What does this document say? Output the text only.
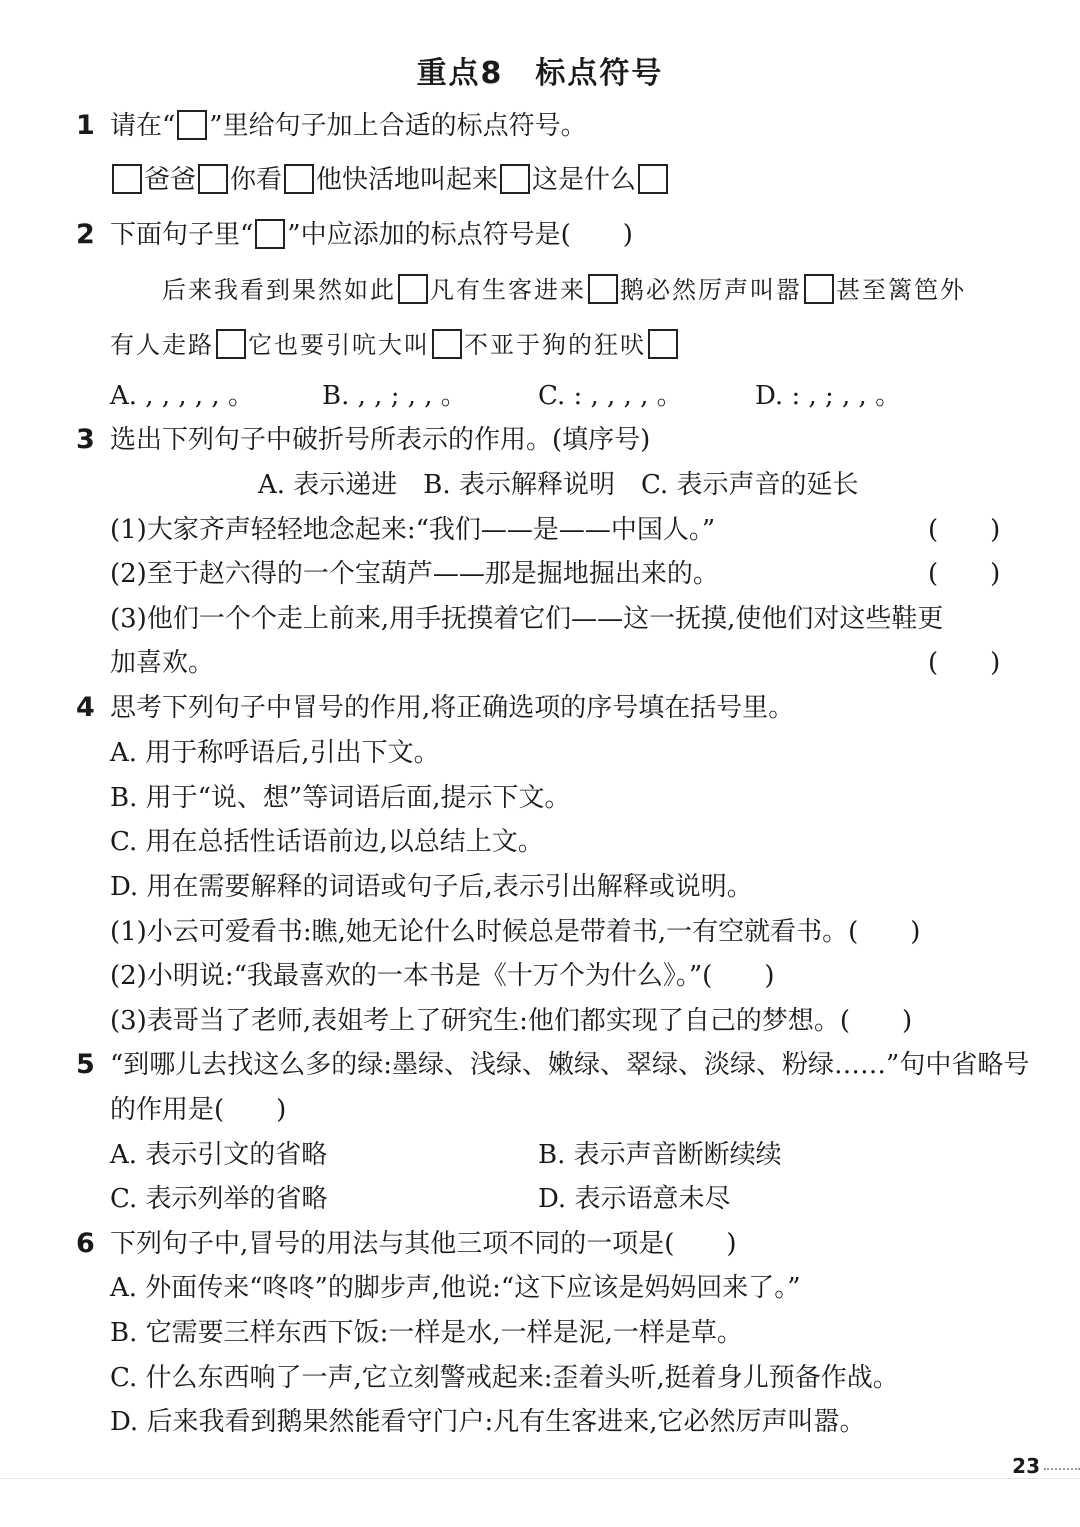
重点8　标点符号
1 请在“ ”里给句子加上合适的标点符号。
爸爸 你看 他快活地叫起来 这是什么
2 下面句子里“ ”中应添加的标点符号是(　　)
后来我看到果然如此 凡有生客进来 鹅必然厉声叫嚣 甚至篱笆外
有人走路 它也要引吭大叫 不亚于狗的狂吠
A. , , , , , 。	B. , , ; , , 。	C. : , , , , 。	D. : , ; , , 。
3 选出下列句子中破折号所表示的作用。(填序号)
A. 表示递进　B. 表示解释说明　C. 表示声音的延长
(1)大家齐声轻轻地念起来:“我们——是——中国人。”	(　　)
(2)至于赵六得的一个宝葫芦——那是掘地掘出来的。	(　　)
(3)他们一个个走上前来,用手抚摸着它们——这一抚摸,使他们对这些鞋更
加喜欢。	(　　)
4 思考下列句子中冒号的作用,将正确选项的序号填在括号里。
A. 用于称呼语后,引出下文。
B. 用于“说、想”等词语后面,提示下文。
C. 用在总括性话语前边,以总结上文。
D. 用在需要解释的词语或句子后,表示引出解释或说明。
(1)小云可爱看书:瞧,她无论什么时候总是带着书,一有空就看书。(　　)
(2)小明说:“我最喜欢的一本书是《十万个为什么》。”(　　)
(3)表哥当了老师,表姐考上了研究生:他们都实现了自己的梦想。(　　)
5 “到哪儿去找这么多的绿:墨绿、浅绿、嫩绿、翠绿、淡绿、粉绿……”句中省略号
的作用是(　　)
A. 表示引文的省略	B. 表示声音断断续续
C. 表示列举的省略	D. 表示语意未尽
6 下列句子中,冒号的用法与其他三项不同的一项是(　　)
A. 外面传来“咚咚”的脚步声,他说:“这下应该是妈妈回来了。”
B. 它需要三样东西下饭:一样是水,一样是泥,一样是草。
C. 什么东西响了一声,它立刻警戒起来:歪着头听,挺着身儿预备作战。
D. 后来我看到鹅果然能看守门户:凡有生客进来,它必然厉声叫嚣。
23
